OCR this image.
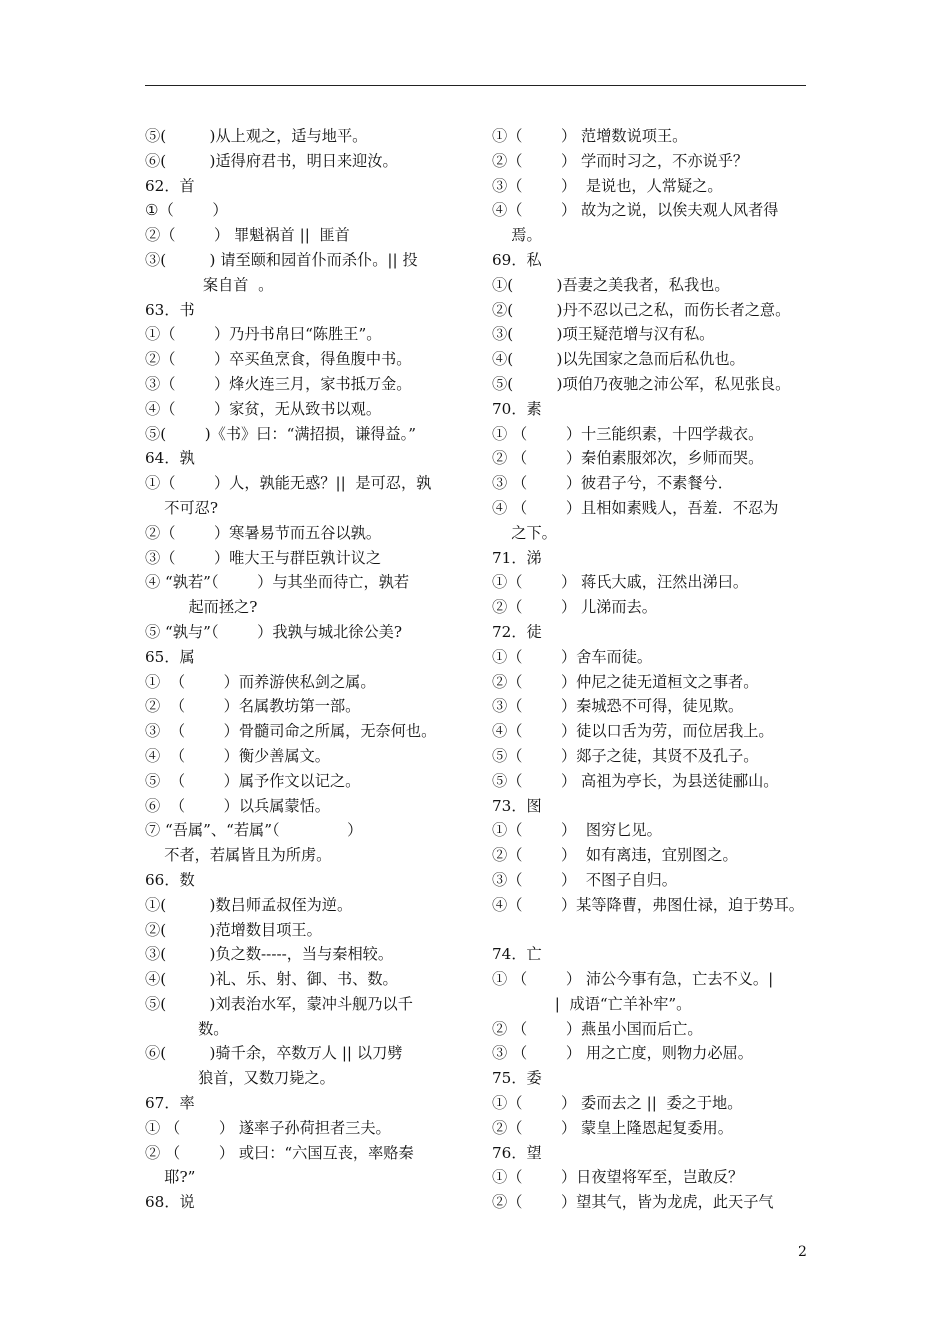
⑤(         )从上观之，适与地平。
⑥(         )适得府君书，明日来迎汝。
62．首
①（        ）
②（        ） 罪魁祸首 ||  匪首
③(         ) 请至颐和园首仆而杀仆。|| 投
案自首  。
63．书
①（        ）乃丹书帛曰“陈胜王”。
②（        ）卒买鱼烹食，得鱼腹中书。
③（        ）烽火连三月，家书抵万金。
④（        ）家贫，无从致书以观。
⑤(        )《书》曰：“满招损，谦得益。”
64．孰
①（        ）人，孰能无惑？||  是可忍，孰
不可忍?
②（        ）寒暑易节而五谷以孰。
③（        ）唯大王与群臣孰计议之
④ “孰若”（        ）与其坐而待亡，孰若
起而拯之?
⑤ “孰与”（        ）我孰与城北徐公美?
65．属
①  （        ）而养游侠私剑之属。
②  （        ）名属教坊第一部。
③  （        ）骨髓司命之所属，无奈何也。
④  （        ）衡少善属文。
⑤  （        ）属予作文以记之。
⑥  （        ）以兵属蒙恬。
⑦ “吾属”、“若属”（              ）
不者，若属皆且为所虏。
66．数
①(         )数吕师孟叔侄为逆。
②(         )范增数目项王。
③(         )负之数-----，当与秦相较。
④(         )礼、乐、射、御、书、数。
⑤(         )刘表治水军，蒙冲斗舰乃以千
数。
⑥(         )骑千余，卒数万人 || 以刀劈
狼首，又数刀毙之。
67．率
① （        ） 遂率子孙荷担者三夫。
② （        ） 或曰：“六国互丧，率赂秦
耶?”
68．说
①（        ） 范增数说项王。
②（        ） 学而时习之，不亦说乎？
③（        ）  是说也，人常疑之。
④（        ） 故为之说，以俟夫观人风者得
焉。
69．私
①(         )吾妻之美我者，私我也。
②(         )丹不忍以己之私，而伤长者之意。
③(         )项王疑范增与汉有私。
④(         )以先国家之急而后私仇也。
⑤(         )项伯乃夜驰之沛公军，私见张良。
70．素
① （        ）十三能织素，十四学裁衣。
② （        ）秦伯素服郊次，乡师而哭。
③ （        ）彼君子兮，不素餐兮．
④ （        ）且相如素贱人，吾羞．不忍为
之下。
71．涕
①（        ） 蒋氏大戚，汪然出涕曰。
②（        ） 儿涕而去。
72．徒
①（        ）舍车而徒。
②（        ）仲尼之徒无道桓文之事者。
③（        ）秦城恐不可得，徒见欺。
④（        ）徒以口舌为劳，而位居我上。
⑤（        ）郯子之徒，其贤不及孔子。
⑤（        ） 高祖为亭长，为县送徒郦山。
73．图
①（        ）  图穷匕见。
②（        ）  如有离违，宜别图之。
③（        ）  不图子自归。
④（        ）某等降曹，弗图仕禄，迫于势耳。
74．亡
① （        ） 沛公今事有急，亡去不义。|
|  成语“亡羊补牢”。
② （        ）燕虽小国而后亡。
③ （        ） 用之亡度，则物力必屈。
75．委
①（        ） 委而去之 ||  委之于地。
②（        ） 蒙皇上隆恩起复委用。
76．望
①（        ）日夜望将军至，岂敢反？
②（        ）望其气，皆为龙虎，此天子气
2
